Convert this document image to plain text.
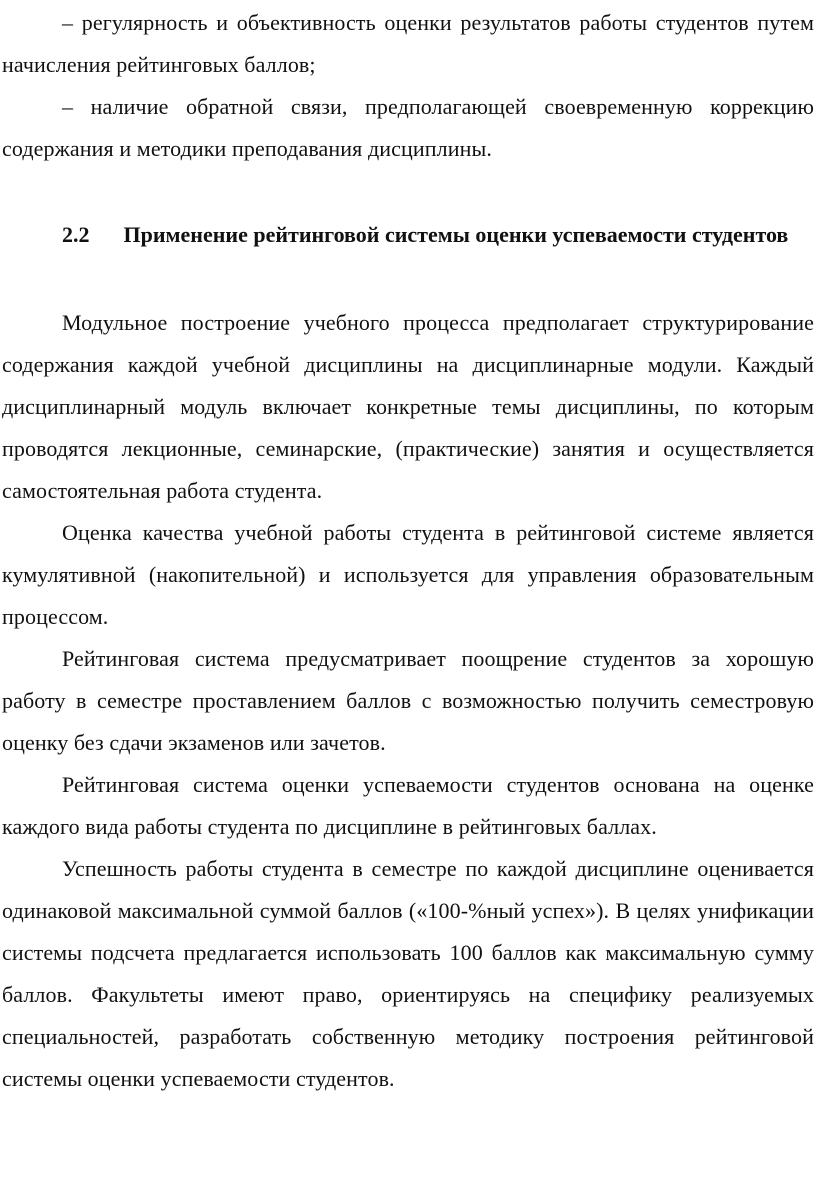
– регулярность и объективность оценки результатов работы студентов путем начисления рейтинговых баллов;

– наличие обратной связи, предполагающей своевременную коррекцию содержания и методики преподавания дисциплины.

2.2 Применение рейтинговой системы оценки успеваемости студентов

Модульное построение учебного процесса предполагает структурирование содержания каждой учебной дисциплины на дисциплинарные модули. Каждый дисциплинарный модуль включает конкретные темы дисциплины, по которым проводятся лекционные, семинарские, (практические) занятия и осуществляется самостоятельная работа студента.

Оценка качества учебной работы студента в рейтинговой системе является кумулятивной (накопительной) и используется для управления образовательным процессом.

Рейтинговая система предусматривает поощрение студентов за хорошую работу в семестре проставлением баллов с возможностью получить семестровую оценку без сдачи экзаменов или зачетов.

Рейтинговая система оценки успеваемости студентов основана на оценке каждого вида работы студента по дисциплине в рейтинговых баллах.

Успешность работы студента в семестре по каждой дисциплине оценивается одинаковой максимальной суммой баллов («100-%ный успех»). В целях унификации системы подсчета предлагается использовать 100 баллов как максимальную сумму баллов. Факультеты имеют право, ориентируясь на специфику реализуемых специальностей, разработать собственную методику построения рейтинговой системы оценки успеваемости студентов.
